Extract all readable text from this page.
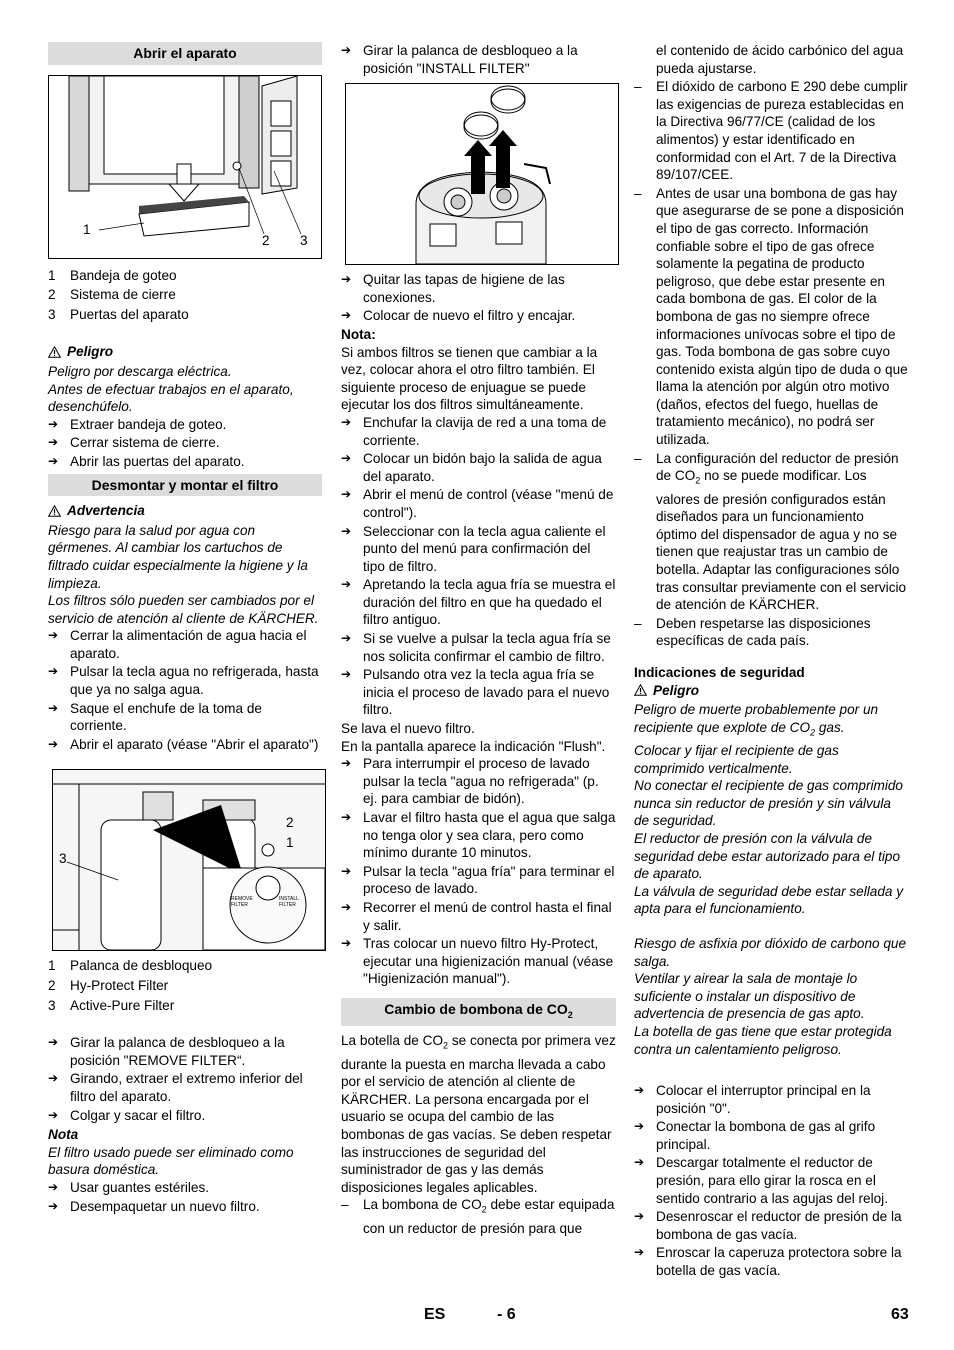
Abrir el aparato
1
2 3
1	Bandeja de goteo
2	Sistema de cierre
3	Puertas del aparato
Peligro

Peligro por descarga eléctrica.

Antes de efectuar trabajos en el aparato, desenchúfelo.

➔ Extraer bandeja de goteo.
➔ Cerrar sistema de cierre.
➔ Abrir las puertas del aparato.
Desmontar y montar el filtro
Advertencia

Riesgo para la salud por agua con gérmenes. Al cambiar los cartuchos de filtrado cuidar especialmente la higiene y la limpieza.

Los filtros sólo pueden ser cambiados por el servicio de atención al cliente de KÄRCHER.

➔ Cerrar la alimentación de agua hacia el aparato.
➔ Pulsar la tecla agua no refrigerada, hasta que ya no salga agua.
➔ Saque el enchufe de la toma de corriente.
➔ Abrir el aparato (véase "Abrir el aparato")
2
1
3
REMOVE FILTER
INSTALL FILTER
1	Palanca de desbloqueo
2	Hy-Protect Filter
3	Active-Pure Filter
➔ Girar la palanca de desbloqueo a la posición "REMOVE FILTER“.
➔ Girando, extraer el extremo inferior del filtro del aparato.
➔ Colgar y sacar el filtro.

Nota

El filtro usado puede ser eliminado como basura doméstica.

➔ Usar guantes estériles.
➔ Desempaquetar un nuevo filtro.
➔ Girar la palanca de desbloqueo a la posición "INSTALL FILTER"
➔ Quitar las tapas de higiene de las conexiones.
➔ Colocar de nuevo el filtro y encajar.

Nota:

Si ambos filtros se tienen que cambiar a la vez, colocar ahora el otro filtro también. El siguiente proceso de enjuague se puede ejecutar los dos filtros simultáneamente.

➔ Enchufar la clavija de red a una toma de corriente.
➔ Colocar un bidón bajo la salida de agua del aparato.
➔ Abrir el menú de control (véase "menú de control").
➔ Seleccionar con la tecla agua caliente el punto del menú para confirmación del tipo de filtro.
➔ Apretando la tecla agua fría se muestra el duración del filtro en que ha quedado el filtro antiguo.
➔ Si se vuelve a pulsar la tecla agua fría se nos solicita confirmar el cambio de filtro.
➔ Pulsando otra vez la tecla agua fría se inicia el proceso de lavado para el nuevo filtro.

Se lava el nuevo filtro.

En la pantalla aparece la indicación "Flush".

➔ Para interrumpir el proceso de lavado pulsar la tecla "agua no refrigerada" (p. ej. para cambiar de bidón).
➔ Lavar el filtro hasta que el agua que salga no tenga olor y sea clara, pero como mínimo durante 10 minutos.
➔ Pulsar la tecla "agua fría" para terminar el proceso de lavado.
➔ Recorrer el menú de control hasta el final y salir.
➔ Tras colocar un nuevo filtro Hy-Protect, ejecutar una higienización manual (véase "Higienización manual").
Cambio de bombona de $CO_2$

La botella de $CO_2$ se conecta por primera vez durante la puesta en marcha llevada a cabo por el servicio de atención al cliente de KÄRCHER. La persona encargada por el usuario se ocupa del cambio de las bombonas de gas vacías. Se deben respetar las instrucciones de seguridad del suministrador de gas y las demás disposiciones legales aplicables.

–	La bombona de $CO_2$ debe estar equipada con un reductor de presión para que
el contenido de ácido carbónico del agua pueda ajustarse.
–	El dióxido de carbono E 290 debe cumplir las exigencias de pureza establecidas en la Directiva 96/77/CE (calidad de los alimentos) y estar identificado en conformidad con el Art. 7 de la Directiva 89/107/CEE.
–	Antes de usar una bombona de gas hay que asegurarse de se pone a disposición el tipo de gas correcto. Información confiable sobre el tipo de gas ofrece solamente la pegatina de producto peligroso, que debe estar presente en cada bombona de gas. El color de la bombona de gas no siempre ofrece informaciones unívocas sobre el tipo de gas. Toda bombona de gas sobre cuyo contenido exista algún tipo de duda o que llama la atención por algún otro motivo (daños, efectos del fuego, huellas de tratamiento mecánico), no podrá ser utilizada.
–	La configuración del reductor de presión de $CO_2$ no se puede modificar. Los valores de presión configurados están diseñados para un funcionamiento óptimo del dispensador de agua y no se tienen que reajustar tras un cambio de botella. Adaptar las configuraciones sólo tras consultar previamente con el servicio de atención de KÄRCHER.
–	Deben respetarse las disposiciones específicas de cada país.

Indicaciones de seguridad

Peligro

Peligro de muerte probablemente por un recipiente que explote de $CO_2$ gas.

Colocar y fijar el recipiente de gas comprimido verticalmente.

No conectar el recipiente de gas comprimido nunca sin reductor de presión y sin válvula de seguridad.

El reductor de presión con la válvula de seguridad debe estar autorizado para el tipo de aparato.

La válvula de seguridad debe estar sellada y apta para el funcionamiento.

Riesgo de asfixia por dióxido de carbono que salga.

Ventilar y airear la sala de montaje lo suficiente o instalar un dispositivo de advertencia de presencia de gas apto.

La botella de gas tiene que estar protegida contra un calentamiento peligroso.

➔ Colocar el interruptor principal en la posición "0".
➔ Conectar la bombona de gas al grifo principal.
➔ Descargar totalmente el reductor de presión, para ello girar la rosca en el sentido contrario a las agujas del reloj.
➔ Desenroscar el reductor de presión de la bombona de gas vacía.
➔ Enroscar la caperuza protectora sobre la botella de gas vacía.
ES	- 6	63
